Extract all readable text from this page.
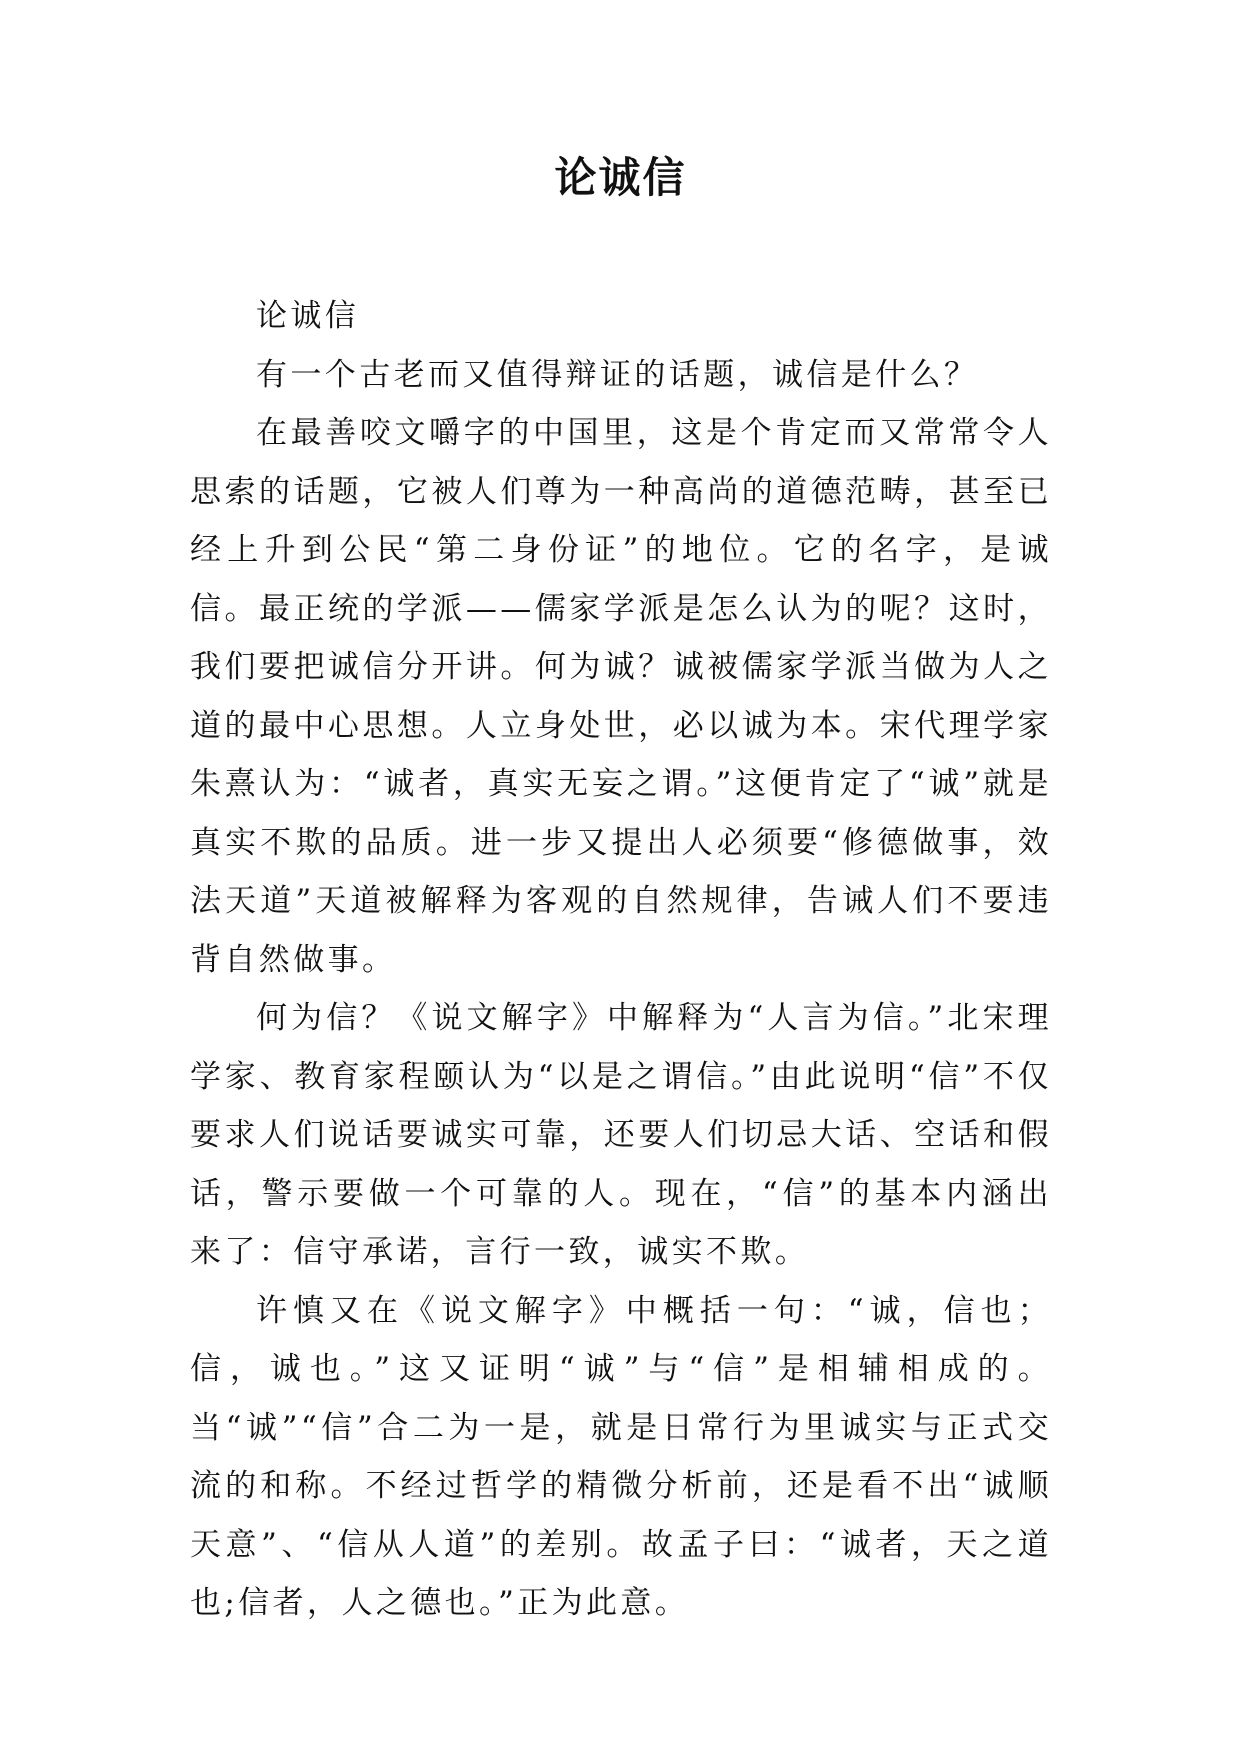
论诚信

论诚信

有一个古老而又值得辩证的话题，诚信是什么？

在最善咬文嚼字的中国里，这是个肯定而又常常令人思索的话题，它被人们尊为一种高尚的道德范畴，甚至已经上升到公民“第二身份证”的地位。它的名字，是诚信。最正统的学派——儒家学派是怎么认为的呢？这时，我们要把诚信分开讲。何为诚？诚被儒家学派当做为人之道的最中心思想。人立身处世，必以诚为本。宋代理学家朱熹认为：“诚者，真实无妄之谓。”这便肯定了“诚”就是真实不欺的品质。进一步又提出人必须要“修德做事，效法天道”天道被解释为客观的自然规律，告诫人们不要违背自然做事。

何为信？《说文解字》中解释为“人言为信。”北宋理学家、教育家程颐认为“以是之谓信。”由此说明“信”不仅要求人们说话要诚实可靠，还要人们切忌大话、空话和假话，警示要做一个可靠的人。现在，“信”的基本内涵出来了：信守承诺，言行一致，诚实不欺。

许慎又在《说文解字》中概括一句：“诚，信也；信，诚也。”这又证明“诚”与“信”是相辅相成的。当“诚”“信”合二为一是，就是日常行为里诚实与正式交流的和称。不经过哲学的精微分析前，还是看不出“诚顺天意”、“信从人道”的差别。故孟子曰：“诚者，天之道也;信者，人之德也。”正为此意。
